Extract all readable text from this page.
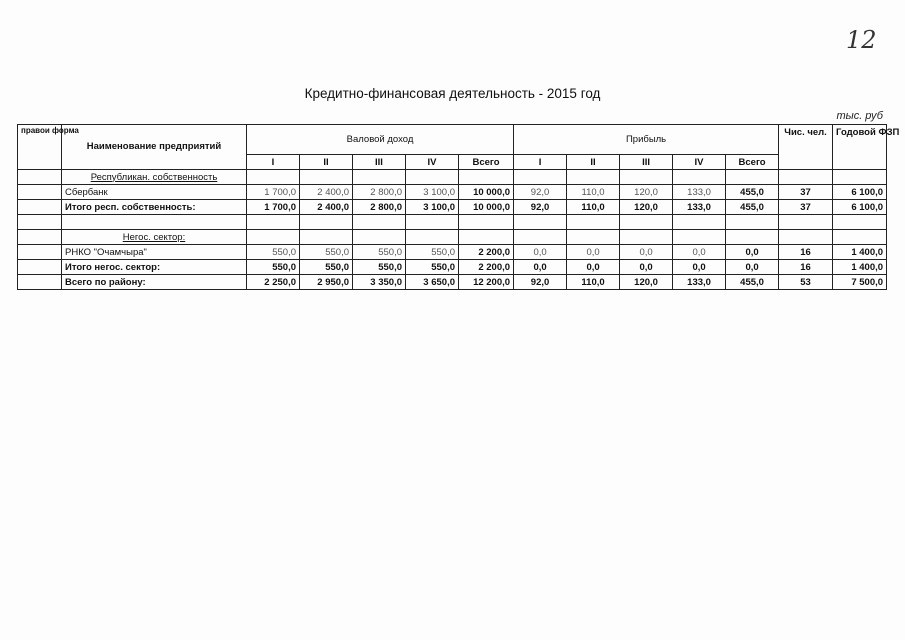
12
Кредитно-финансовая деятельность - 2015 год
тыс. руб
правои форма	Наименование предприятий	Валовой доход					Прибыль					Чис. чел.	Годовой ФЗП
		I	II	III	IV	Всего	I	II	III	IV	Всего		
	Республикан. собственность												
	Сбербанк	1 700,0	2 400,0	2 800,0	3 100,0	10 000,0	92,0	110,0	120,0	133,0	455,0	37	6 100,0
	Итого респ. собственность:	1 700,0	2 400,0	2 800,0	3 100,0	10 000,0	92,0	110,0	120,0	133,0	455,0	37	6 100,0

	Негос. сектор:												
	РНКО "Очамчыра"	550,0	550,0	550,0	550,0	2 200,0	0,0	0,0	0,0	0,0	0,0	16	1 400,0
	Итого негос. сектор:	550,0	550,0	550,0	550,0	2 200,0	0,0	0,0	0,0	0,0	0,0	16	1 400,0
	Всего по району:	2 250,0	2 950,0	3 350,0	3 650,0	12 200,0	92,0	110,0	120,0	133,0	455,0	53	7 500,0
